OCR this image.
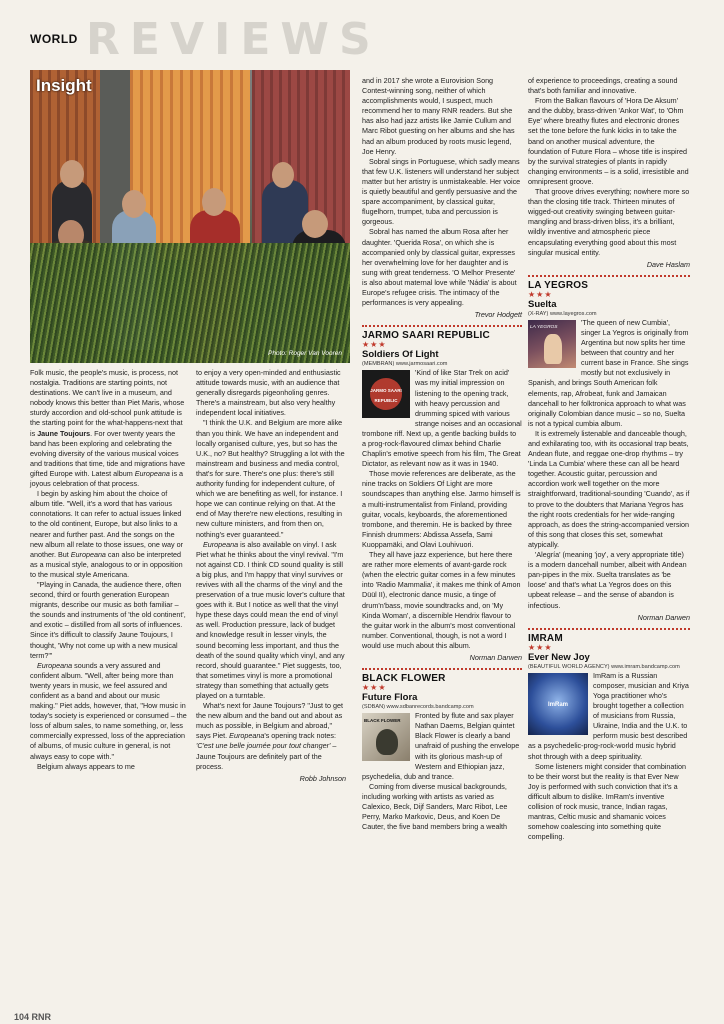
REVIEWS
WORLD
Insight
Photo: Roger Van Vooren

Folk music, the people's music, is process, not nostalgia. Traditions are starting points, not destinations. We can't live in a museum, and nobody knows this better than Piet Maris, whose sturdy accordion and old-school punk attitude is the starting point for the what-happens-next that is Jaune Toujours. For over twenty years the band has been exploring and celebrating the evolving diversity of the various musical voices and traditions that time, tide and migrations have gifted Europe with. Latest album Europeana is a joyous celebration of that process.

I begin by asking him about the choice of album title. "Well, it's a word that has various connotations. It can refer to actual issues linked to the old continent, Europe, but also links to a nearer and further past. And the songs on the new album all relate to those issues, one way or another. But Europeana can also be interpreted as a musical style, analogous to or in opposition to the musical style Americana.

"Playing in Canada, the audience there, often second, third or fourth generation European migrants, describe our music as both familiar – the sounds and instruments of 'the old continent', and exotic – distilled from all sorts of influences. Since it's difficult to classify Jaune Toujours, I thought, 'Why not come up with a new musical term?'"

Europeana sounds a very assured and confident album. "Well, after being more than twenty years in music, we feel assured and confident as a band and about our music making." Piet adds, however, that, "How music in today's society is experienced or consumed – the loss of album sales, to name something, or, less commercially expressed, loss of the appreciation of albums, of music culture in general, is not always easy to cope with."

Belgium always appears to me

to enjoy a very open-minded and enthusiastic attitude towards music, with an audience that generally disregards pigeonholing genres. There's a mainstream, but also very healthy independent local initiatives.

"I think the U.K. and Belgium are more alike than you think. We have an independent and locally organised culture, yes, but so has the U.K., no? But healthy? Struggling a lot with the mainstream and business and media control, that's for sure. There's one plus: there's still authority funding for independent culture, of which we are benefiting as well, for instance. I hope we can continue relying on that. At the end of May there're new elections, resulting in new culture ministers, and from then on, nothing's ever guaranteed."

Europeana is also available on vinyl. I ask Piet what he thinks about the vinyl revival. "I'm not against CD. I think CD sound quality is still a big plus, and I'm happy that vinyl survives or revives with all the charms of the vinyl and the preservation of a true music lover's culture that goes with it. But I notice as well that the vinyl hype these days could mean the end of vinyl as well. Production pressure, lack of budget and knowledge result in lesser vinyls, the sound becoming less important, and thus the death of the sound quality which vinyl, and any record, should guarantee." Piet suggests, too, that sometimes vinyl is more a promotional strategy than something that actually gets played on a turntable.

What's next for Jaune Toujours? "Just to get the new album and the band out and about as much as possible, in Belgium and abroad," says Piet. Europeana's opening track notes: 'C'est une belle journée pour tout changer' – Jaune Toujours are definitely part of the process.

Robb Johnson

and in 2017 she wrote a Eurovision Song Contest-winning song, neither of which accomplishments would, I suspect, much recommend her to many RNR readers. But she has also had jazz artists like Jamie Cullum and Marc Ribot guesting on her albums and she has had an album produced by roots music legend, Joe Henry.

Sobral sings in Portuguese, which sadly means that few U.K. listeners will understand her subject matter but her artistry is unmistakeable. Her voice is quietly beautiful and gently persuasive and the spare accompaniment, by classical guitar, flugelhorn, trumpet, tuba and percussion is gorgeous.

Sobral has named the album Rosa after her daughter. 'Querida Rosa', on which she is accompanied only by classical guitar, expresses her overwhelming love for her daughter and is sung with great tenderness. 'O Melhor Presente' is also about maternal love while 'Nádia' is about Europe's refugee crisis. The intimacy of the performances is very appealing.

Trevor Hodgett
JARMO SAARI REPUBLIC
★★★
Soldiers Of Light
(MEMBRAN) www.jarmosaari.com
JARMO SAARI REPUBLIC

'Kind of like Star Trek on acid' was my initial impression on listening to the opening track, with heavy percussion and drumming spiced with various strange noises and an occasional trombone riff. Next up, a gentle backing builds to a prog-rock-flavoured climax behind Charlie Chaplin's emotive speech from his film, The Great Dictator, as relevant now as it was in 1940.

Those movie references are deliberate, as the nine tracks on Soldiers Of Light are more soundscapes than anything else. Jarmo himself is a multi-instrumentalist from Finland, providing guitar, vocals, keyboards, the aforementioned trombone, and theremin. He is backed by three Finnish drummers: Abdissa Assefa, Sami Kuoppamäki, and Olavi Louhivuori.

They all have jazz experience, but here there are rather more elements of avant-garde rock (when the electric guitar comes in a few minutes into 'Radio Mammalia', it makes me think of Amon Düül II), electronic dance music, a tinge of drum'n'bass, movie soundtracks and, on 'My Kinda Woman', a discernible Hendrix flavour to the guitar work in the album's most conventional number. Conventional, though, is not a word I would use much about this album.

Norman Darwen
BLACK FLOWER
★★★
Future Flora
(SDBAN) www.sdbanrecords.bandcamp.com
BLACK FLOWER

Fronted by flute and sax player Nathan Daems, Belgian quintet Black Flower is clearly a band unafraid of pushing the envelope with its glorious mash-up of Western and Ethiopian jazz, psychedelia, dub and trance.

Coming from diverse musical backgrounds, including working with artists as varied as Calexico, Beck, Dijf Sanders, Marc Ribot, Lee Perry, Marko Markovic, Deus, and Koen De Cauter, the five band members bring a wealth

of experience to proceedings, creating a sound that's both familiar and innovative.

From the Balkan flavours of 'Hora De Aksum' and the dubby, brass-driven 'Ankor Wat', to 'Ohm Eye' where breathy flutes and electronic drones set the tone before the funk kicks in to take the band on another musical adventure, the foundation of Future Flora – whose title is inspired by the survival strategies of plants in rapidly changing environments – is a solid, irresistible and omnipresent groove.

That groove drives everything; nowhere more so than the closing title track. Thirteen minutes of wigged-out creativity swinging between guitar-mangling and brass-driven bliss, it's a brilliant, wildly inventive and atmospheric piece encapsulating everything good about this most singular musical entity.

Dave Haslam
LA YEGROS
★★★
Suelta
(X-RAY) www.layegros.com
LA YEGROS

'The queen of new Cumbia', singer La Yegros is originally from Argentina but now splits her time between that country and her current base in France. She sings mostly but not exclusively in Spanish, and brings South American folk elements, rap, Afrobeat, funk and Jamaican dancehall to her folktronica approach to what was originally Colombian dance music – so no, Suelta is not a typical cumbia album.

It is extremely listenable and danceable though, and exhilarating too, with its occasional trap beats, Andean flute, and reggae one-drop rhythms – try 'Linda La Cumbia' where these can all be heard together. Acoustic guitar, percussion and accordion work well together on the more straightforward, traditional-sounding 'Cuando', as if to prove to the doubters that Mariana Yegros has the right roots credentials for her wide-ranging approach, as does the string-accompanied version of this song that closes this set, somewhat atypically.

'Alegría' (meaning 'joy', a very appropriate title) is a modern dancehall number, albeit with Andean pan-pipes in the mix. Suelta translates as 'be loose' and that's what La Yegros does on this upbeat release – and the sense of abandon is infectious.

Norman Darwen
IMRAM
★★★
Ever New Joy
(BEAUTIFUL WORLD AGENCY) www.imram.bandcamp.com
ImRam

ImRam is a Russian composer, musician and Kriya Yoga practitioner who's brought together a collection of musicians from Russia, Ukraine, India and the U.K. to perform music best described as a psychedelic-prog-rock-world music hybrid shot through with a deep spirituality.

Some listeners might consider that combination to be their worst but the reality is that Ever New Joy is performed with such conviction that it's a difficult album to dislike. ImRam's inventive collision of rock music, trance, Indian ragas, mantras, Celtic music and shamanic voices somehow coalescing into something quite compelling.

104 RNR
